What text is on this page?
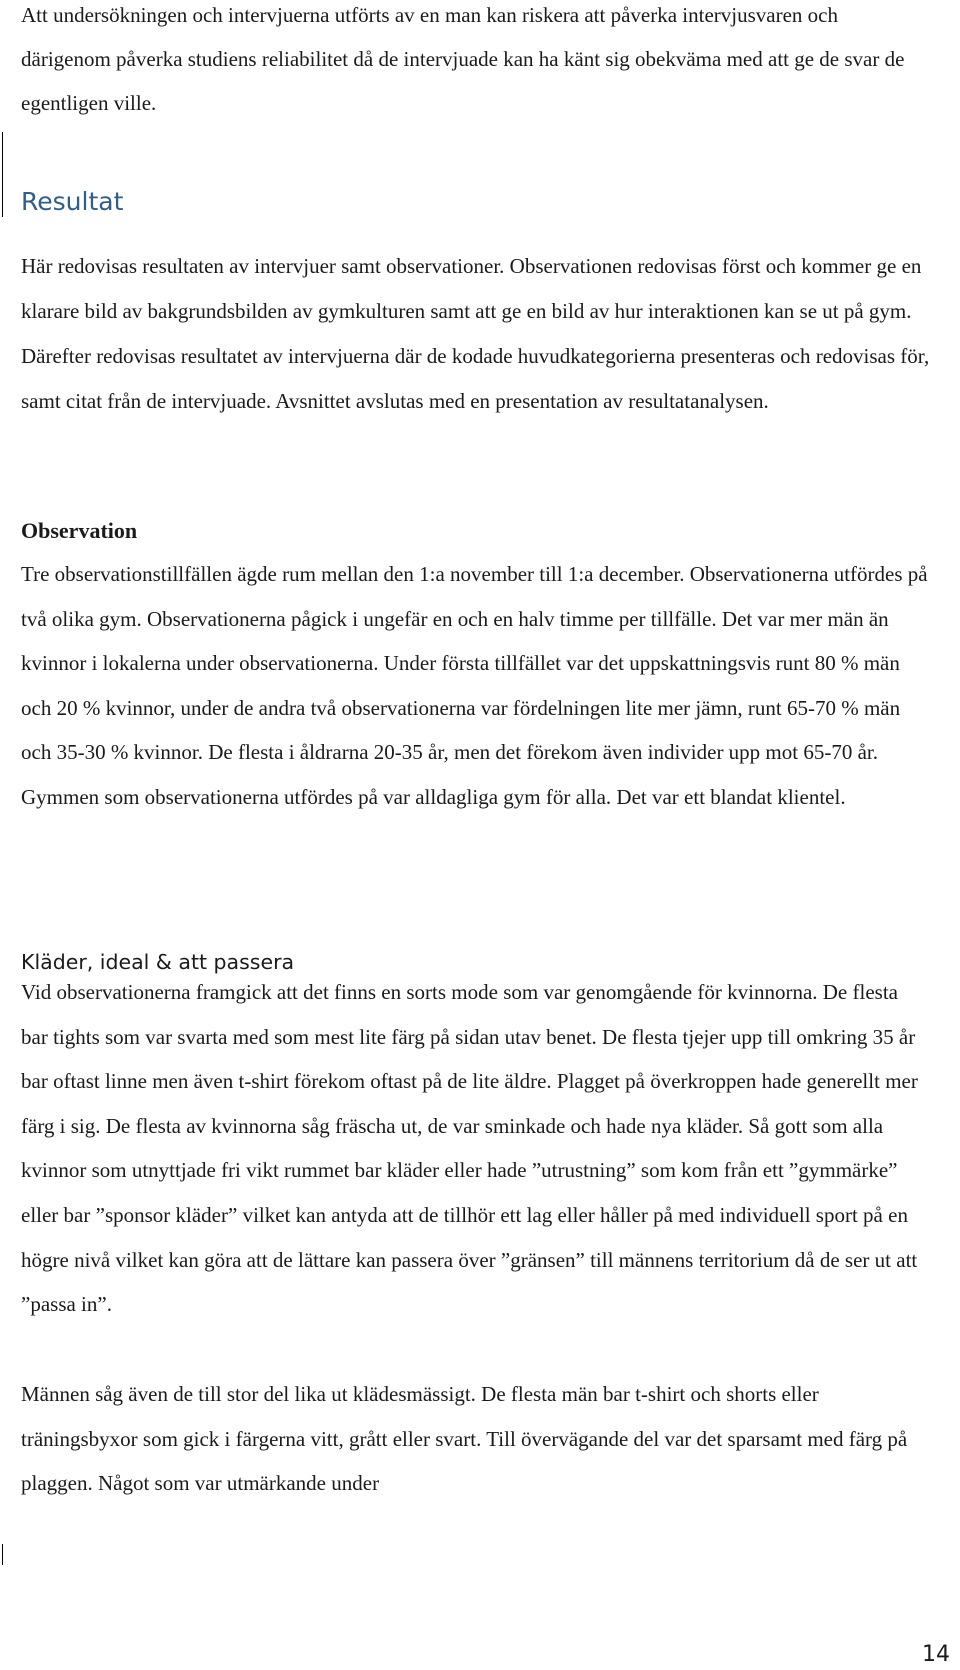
Att undersökningen och intervjuerna utförts av en man kan riskera att påverka intervjusvaren och därigenom påverka studiens reliabilitet då de intervjuade kan ha känt sig obekväma med att ge de svar de egentligen ville.

Resultat

Här redovisas resultaten av intervjuer samt observationer. Observationen redovisas först och kommer ge en klarare bild av bakgrundsbilden av gymkulturen samt att ge en bild av hur interaktionen kan se ut på gym. Därefter redovisas resultatet av intervjuerna där de kodade huvudkategorierna presenteras och redovisas för, samt citat från de intervjuade. Avsnittet avslutas med en presentation av resultatanalysen.

Observation

Tre observationstillfällen ägde rum mellan den 1:a november till 1:a december. Observationerna utfördes på två olika gym. Observationerna pågick i ungefär en och en halv timme per tillfälle. Det var mer män än kvinnor i lokalerna under observationerna. Under första tillfället var det uppskattningsvis runt 80 % män och 20 % kvinnor, under de andra två observationerna var fördelningen lite mer jämn, runt 65-70 % män och 35-30 % kvinnor. De flesta i åldrarna 20-35 år, men det förekom även individer upp mot 65-70 år. Gymmen som observationerna utfördes på var alldagliga gym för alla. Det var ett blandat klientel.

Kläder, ideal & att passera

Vid observationerna framgick att det finns en sorts mode som var genomgående för kvinnorna. De flesta bar tights som var svarta med som mest lite färg på sidan utav benet. De flesta tjejer upp till omkring 35 år bar oftast linne men även t-shirt förekom oftast på de lite äldre. Plagget på överkroppen hade generellt mer färg i sig. De flesta av kvinnorna såg fräscha ut, de var sminkade och hade nya kläder. Så gott som alla kvinnor som utnyttjade fri vikt rummet bar kläder eller hade ”utrustning” som kom från ett ”gymmärke” eller bar ”sponsor kläder” vilket kan antyda att de tillhör ett lag eller håller på med individuell sport på en högre nivå vilket kan göra att de lättare kan passera över ”gränsen” till männens territorium då de ser ut att ”passa in”.

Männen såg även de till stor del lika ut klädesmässigt. De flesta män bar t-shirt och shorts eller träningsbyxor som gick i färgerna vitt, grått eller svart. Till övervägande del var det sparsamt med färg på plaggen. Något som var utmärkande under

14
